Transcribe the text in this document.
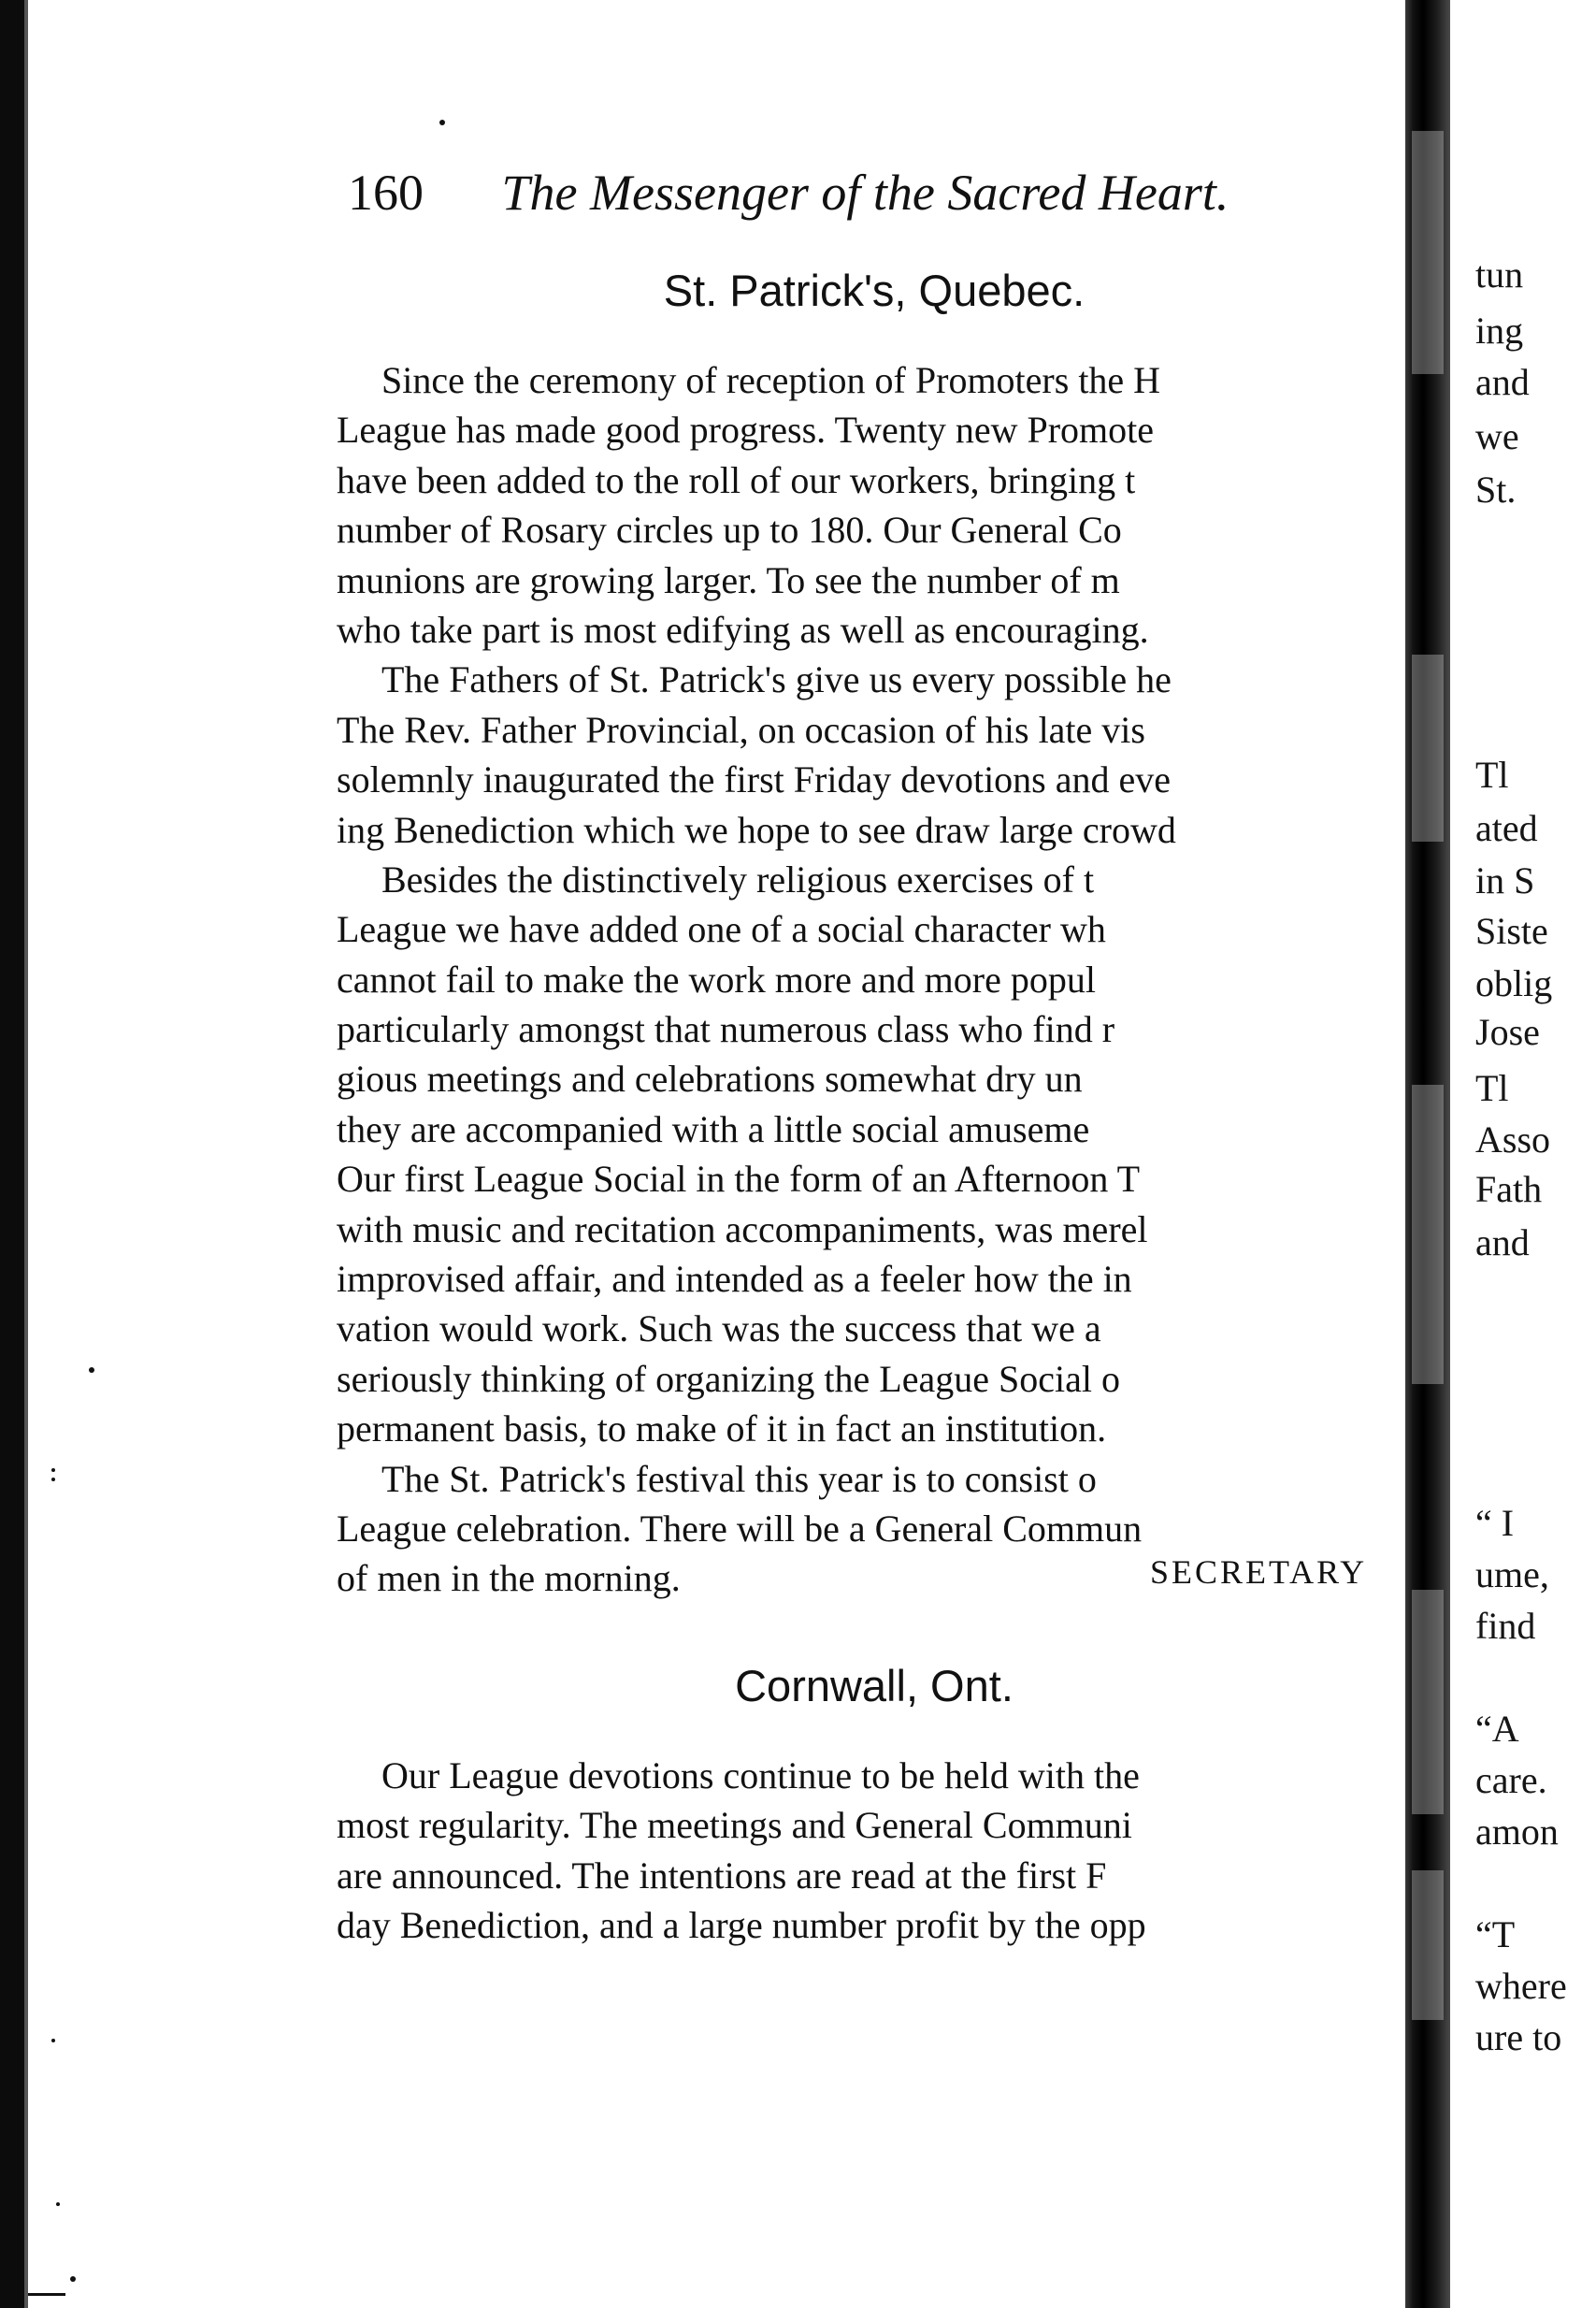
160 The Messenger of the Sacred Heart.
St. Patrick's, Quebec.
Since the ceremony of reception of Promoters the H
League has made good progress. Twenty new Promote
have been added to the roll of our workers, bringing t
number of Rosary circles up to 180. Our General Co
munions are growing larger. To see the number of m
who take part is most edifying as well as encouraging.
The Fathers of St. Patrick's give us every possible he
The Rev. Father Provincial, on occasion of his late vis
solemnly inaugurated the first Friday devotions and eve
ing Benediction which we hope to see draw large crowd
Besides the distinctively religious exercises of t
League we have added one of a social character wh
cannot fail to make the work more and more popul
particularly amongst that numerous class who find r
gious meetings and celebrations somewhat dry un
they are accompanied with a little social amuseme
Our first League Social in the form of an Afternoon T
with music and recitation accompaniments, was merel
improvised affair, and intended as a feeler how the in
vation would work. Such was the success that we a
seriously thinking of organizing the League Social o
permanent basis, to make of it in fact an institution.
The St. Patrick's festival this year is to consist o
League celebration. There will be a General Commun
of men in the morning.	SECRETARY
Cornwall, Ont.
Our League devotions continue to be held with the
most regularity. The meetings and General Communi
are announced. The intentions are read at the first F
day Benediction, and a large number profit by the opp
tun
ing
and
we
St.
Tl
ated
in S
Siste
oblig
Jose
Tl
Asso
Fath
and
“ I
ume,
find
“A
care.
amon
“T
where
ure to
